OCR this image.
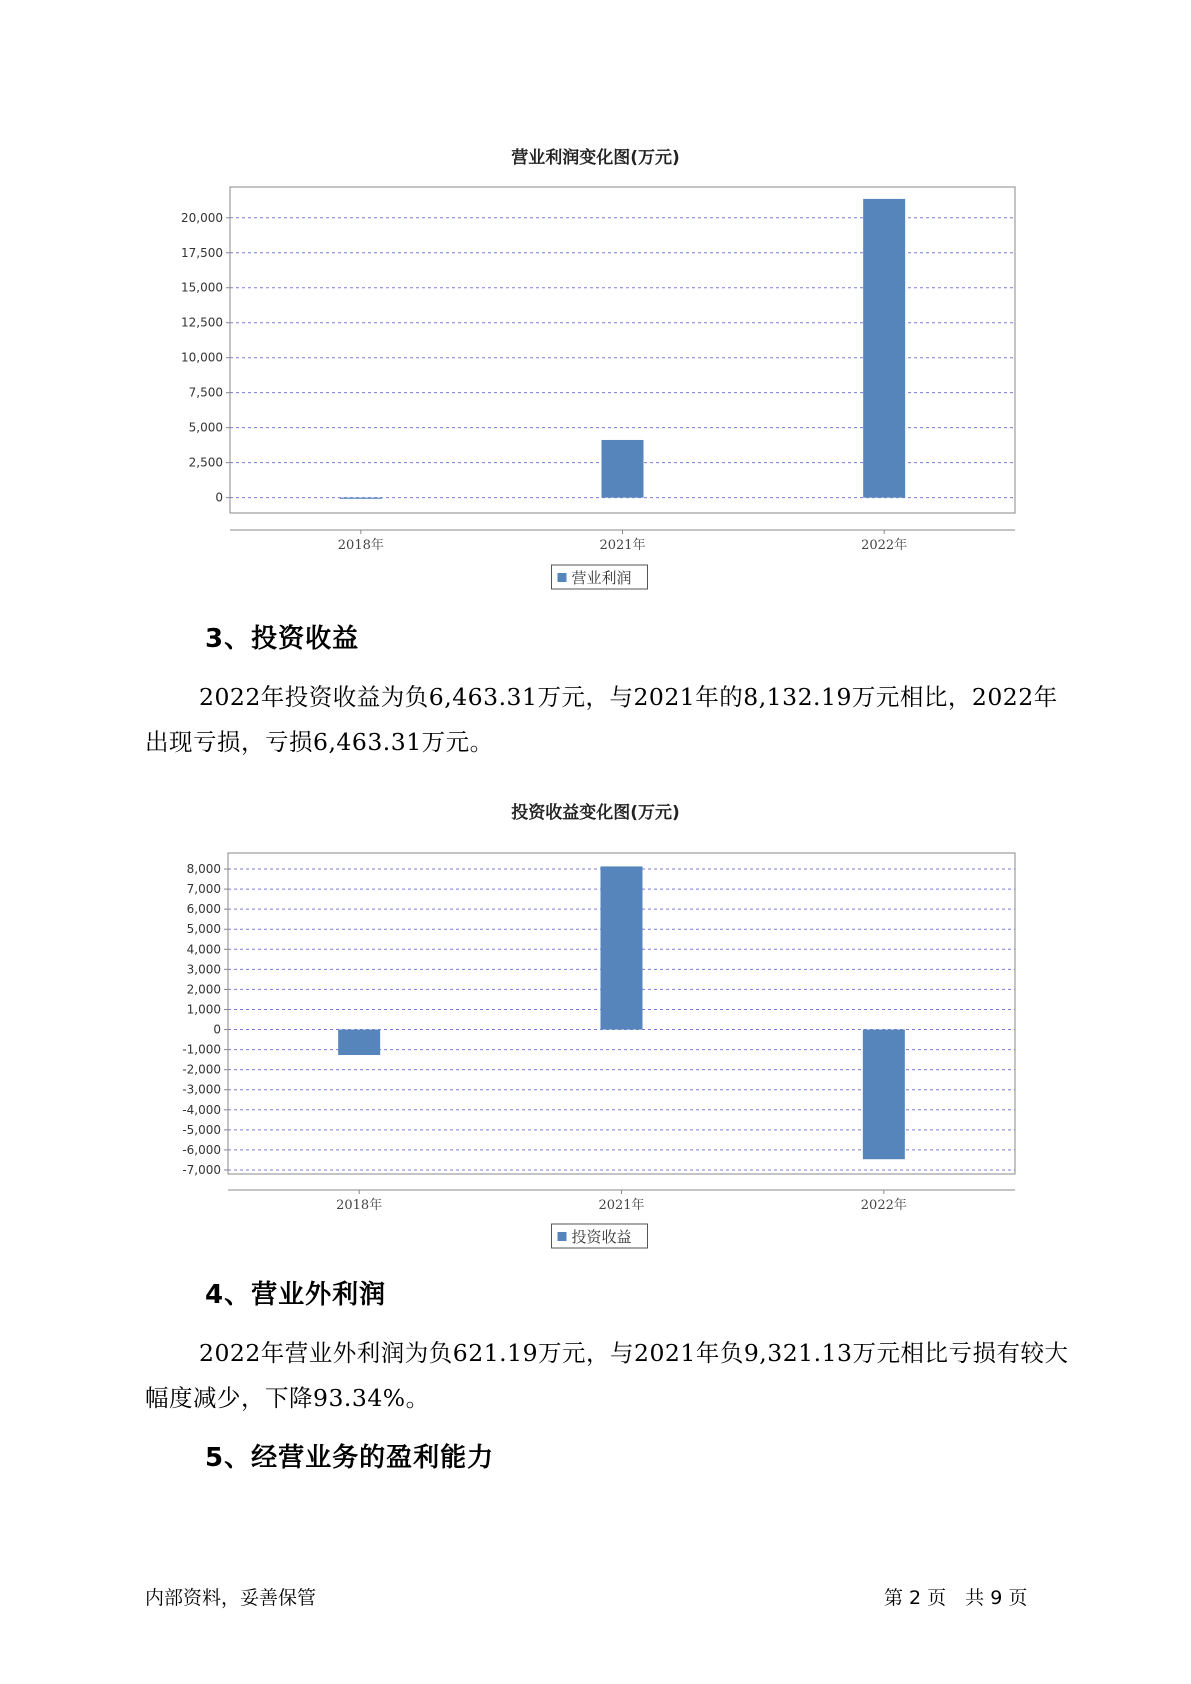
营业利润变化图(万元)
0
2,500
5,000
7,500
10,000
12,500
15,000
17,500
20,000
2018年	2021年	2022年
营业利润
3、投资收益
2022年投资收益为负6,463.31万元，与2021年的8,132.19万元相比，2022年出现亏损，亏损6,463.31万元。
投资收益变化图(万元)
-7,000
-6,000
-5,000
-4,000
-3,000
-2,000
-1,000
0
1,000
2,000
3,000
4,000
5,000
6,000
7,000
8,000
2018年	2021年	2022年
投资收益
4、营业外利润
2022年营业外利润为负621.19万元，与2021年负9,321.13万元相比亏损有较大幅度减少，下降93.34%。
5、经营业务的盈利能力
内部资料，妥善保管	第 2 页　共 9 页
